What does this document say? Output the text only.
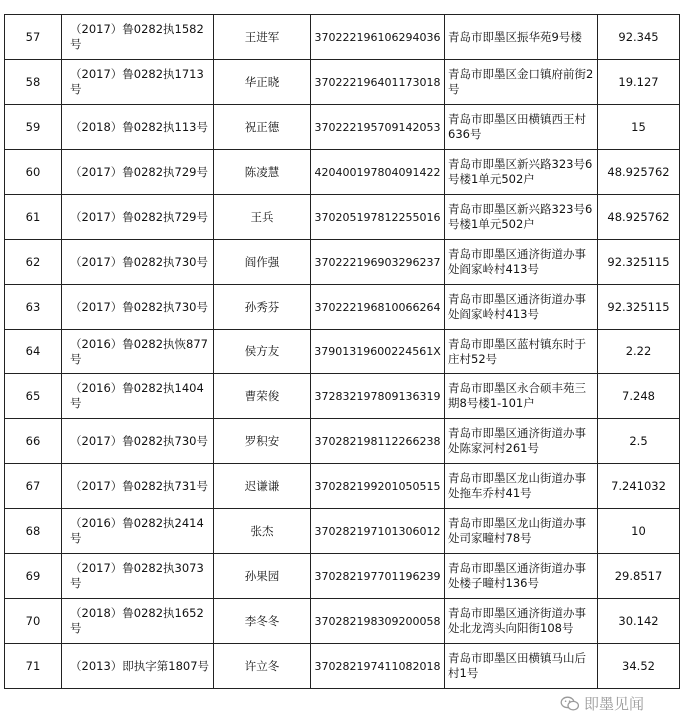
57	（2017）鲁0282执1582号	王进军	370222196106294036	青岛市即墨区振华苑9号楼	92.345
58	（2017）鲁0282执1713号	华正晓	370222196401173018	青岛市即墨区金口镇府前街2号	19.127
59	（2018）鲁0282执113号	祝正德	370222195709142053	青岛市即墨区田横镇西王村636号	15
60	（2017）鲁0282执729号	陈凌慧	420400197804091422	青岛市即墨区新兴路323号6号楼1单元502户	48.925762
61	（2017）鲁0282执729号	王兵	370205197812255016	青岛市即墨区新兴路323号6号楼1单元502户	48.925762
62	（2017）鲁0282执730号	阎作强	370222196903296237	青岛市即墨区通济街道办事处阎家岭村413号	92.325115
63	（2017）鲁0282执730号	孙秀芬	370222196810066264	青岛市即墨区通济街道办事处阎家岭村413号	92.325115
64	（2016）鲁0282执恢877号	侯方友	37901319600224561X	青岛市即墨区蓝村镇东时于庄村52号	2.22
65	（2016）鲁0282执1404号	曹荣俊	372832197809136319	青岛市即墨区永合硕丰苑三期8号楼1-101户	7.248
66	（2017）鲁0282执730号	罗积安	370282198112266238	青岛市即墨区通济街道办事处陈家河村261号	2.5
67	（2017）鲁0282执731号	迟谦谦	370282199201050515	青岛市即墨区龙山街道办事处拖车乔村41号	7.241032
68	（2016）鲁0282执2414号	张杰	370282197101306012	青岛市即墨区龙山街道办事处司家疃村78号	10
69	（2017）鲁0282执3073号	孙果园	370282197701196239	青岛市即墨区通济街道办事处楼子疃村136号	29.8517
70	（2018）鲁0282执1652号	李冬冬	370282198309200058	青岛市即墨区通济街道办事处北龙湾头向阳街108号	30.142
71	（2013）即执字第1807号	许立冬	370282197411082018	青岛市即墨区田横镇马山后村1号	34.52
即墨见闻
